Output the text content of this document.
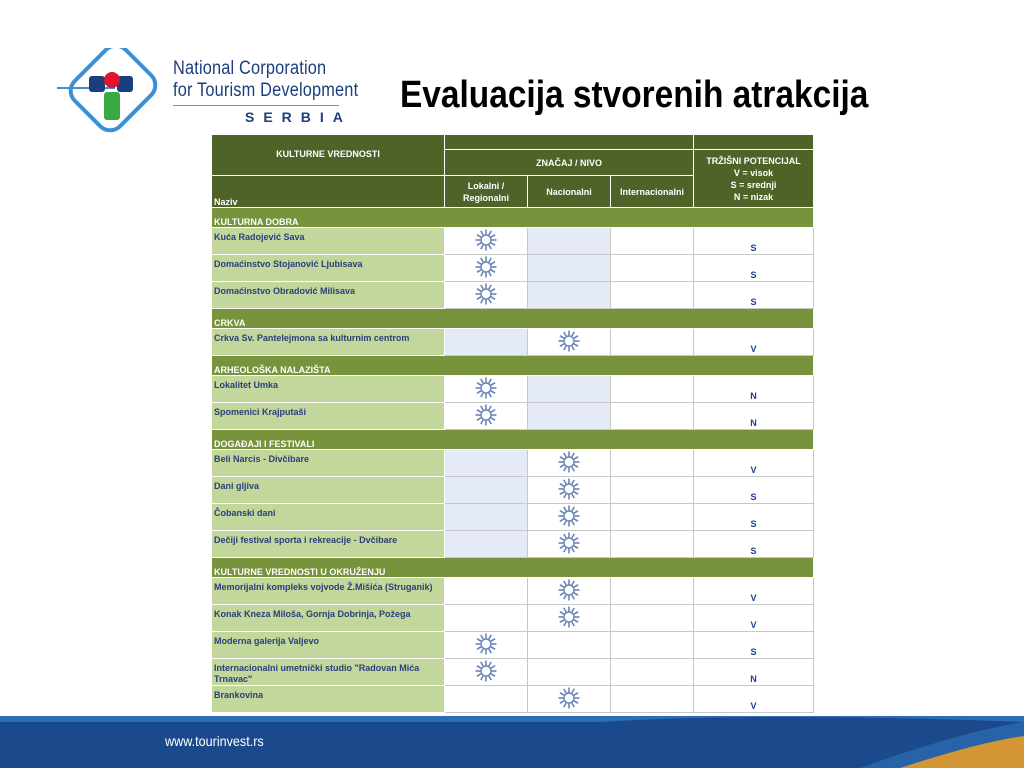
National Corporation
for Tourism Development
SERBIA
Evaluacija stvorenih atrakcija
KULTURNE VREDNOSTI				
	ZNAČAJ / NIVO			TRŽIŠNI POTENCIJAL
V = visok
S = srednji
N = nizak

Naziv	Lokalni / Regionalni	Nacionalni	Internacionalni	
KULTURNA DOBRA				
Kuća Radojević Sava				S
Domaćinstvo Stojanović Ljubisava				S
Domaćinstvo Obradović Milisava				S
CRKVA				
Crkva Sv. Pantelejmona sa kulturnim centrom				V
ARHEOLOŠKA NALAZIŠTA				
Lokalitet Umka				N
Spomenici Krajputaši				N
DOGAĐAJI I FESTIVALI				
Beli Narcis - Divčibare				V
Dani gljiva				S
Čobanski dani				S
Dečiji festival sporta i rekreacije - Dvčibare				S
KULTURNE VREDNOSTI U OKRUŽENJU				
Memorijalni kompleks vojvode Ž.Mišića (Struganik)				V
Konak Kneza Miloša, Gornja Dobrinja, Požega				V
Moderna galerija Valjevo				S
Internacionalni umetnički studio "Radovan Mića Trnavac"				N
Brankovina				V
www.tourinvest.rs
